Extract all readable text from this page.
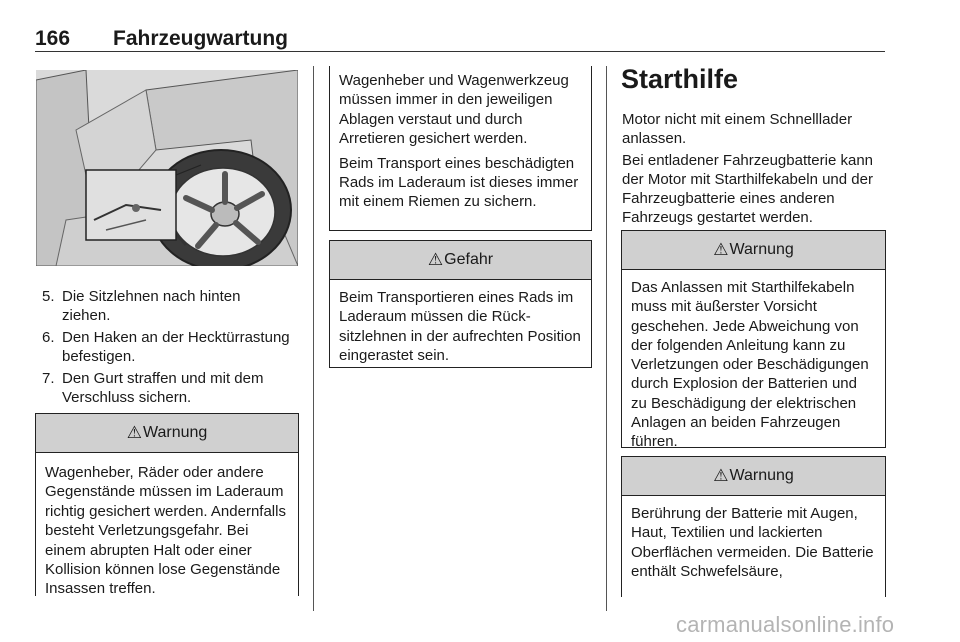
166 Fahrzeugwartung
5. Die Sitzlehnen nach hinten ziehen.
6. Den Haken an der Hecktürrastung befestigen.
7. Den Gurt straffen und mit dem Verschluss sichern.
⚠ Warnung
Wagenheber, Räder oder andere Gegenstände müssen im Laderaum richtig gesichert werden. Andernfalls besteht Verletzungsgefahr. Bei einem abrupten Halt oder einer Kollision können lose Gegenstände Insassen treffen.

Wagenheber und Wagenwerkzeug müssen immer in den jeweiligen Ablagen verstaut und durch Arretieren gesichert werden.

Beim Transport eines beschädigten Rads im Laderaum ist dieses immer mit einem Riemen zu sichern.

⚠ Gefahr
Beim Transportieren eines Rads im Laderaum müssen die Rücksitzlehnen in der aufrechten Position eingerastet sein.
Starthilfe

Motor nicht mit einem Schnelllader anlassen.

Bei entladener Fahrzeugbatterie kann der Motor mit Starthilfekabeln und der Fahrzeugbatterie eines anderen Fahrzeugs gestartet werden.

⚠ Warnung
Das Anlassen mit Starthilfekabeln muss mit äußerster Vorsicht geschehen. Jede Abweichung von der folgenden Anleitung kann zu Verletzungen oder Beschädigungen durch Explosion der Batterien und zu Beschädigung der elektrischen Anlagen an beiden Fahrzeugen führen.
⚠ Warnung
Berührung der Batterie mit Augen, Haut, Textilien und lackierten Oberflächen vermeiden. Die Batterie enthält Schwefelsäure,
carmanualsonline.info
